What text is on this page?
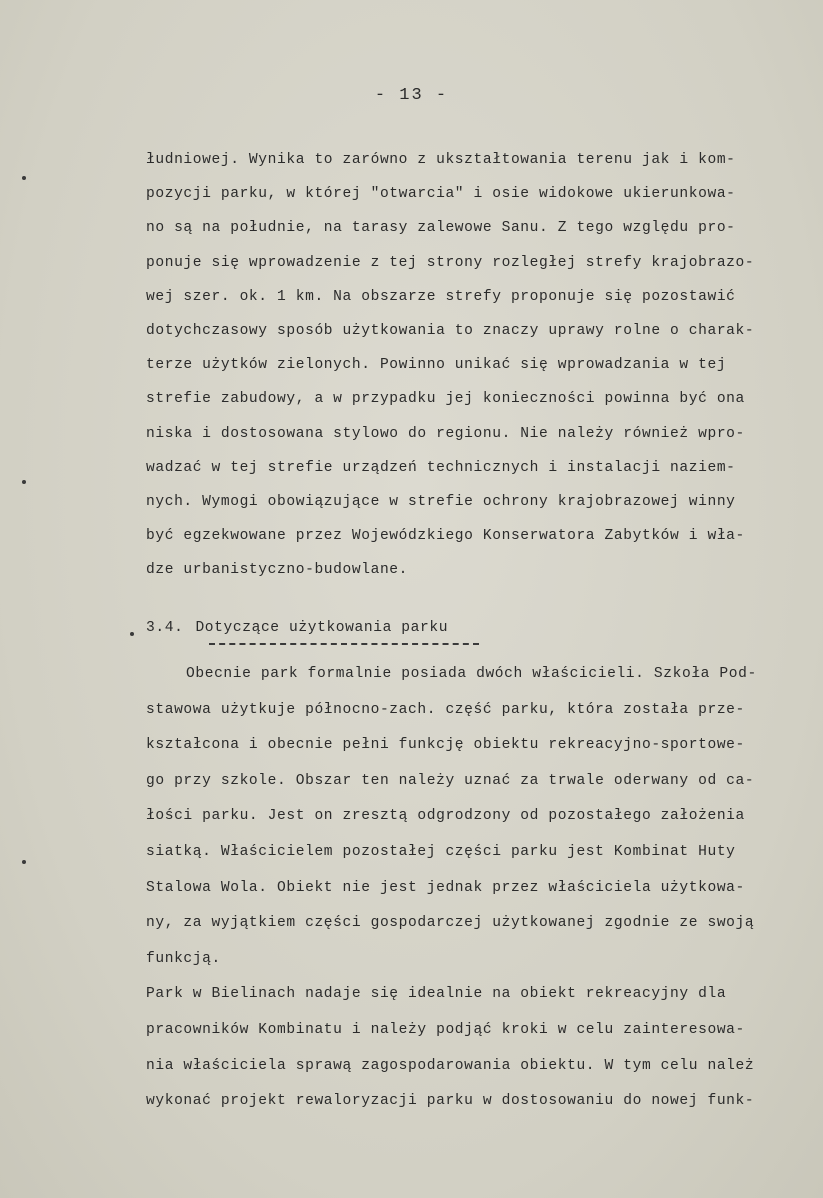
- 13 -
łudniowej. Wynika to zarówno z ukształtowania terenu jak i kom-
pozycji parku, w której "otwarcia" i osie widokowe ukierunkowa-
no są na południe, na tarasy zalewowe Sanu. Z tego względu pro-
ponuje się wprowadzenie z tej strony rozległej strefy krajobrazo-
wej szer. ok. 1 km. Na obszarze strefy proponuje się pozostawić
dotychczasowy sposób użytkowania to znaczy uprawy rolne o charak-
terze użytków zielonych. Powinno unikać się wprowadzania w tej
strefie zabudowy, a w przypadku jej konieczności powinna być ona
niska i dostosowana stylowo do regionu. Nie należy również wpro-
wadzać w tej strefie urządzeń technicznych i instalacji naziem-
nych. Wymogi obowiązujące w strefie ochrony krajobrazowej winny
być egzekwowane przez Wojewódzkiego Konserwatora Zabytków i wła-
dze urbanistyczno-budowlane.
3.4. Dotyczące użytkowania parku
Obecnie park formalnie posiada dwóch właścicieli. Szkoła Pod-
stawowa użytkuje północno-zach. część parku, która została prze-
kształcona i obecnie pełni funkcję obiektu rekreacyjno-sportowe-
go przy szkole. Obszar ten należy uznać za trwale oderwany od ca-
łości parku. Jest on zresztą odgrodzony od pozostałego założenia
siatką. Właścicielem pozostałej części parku jest Kombinat Huty
Stalowa Wola. Obiekt nie jest jednak przez właściciela użytkowa-
ny, za wyjątkiem części gospodarczej użytkowanej zgodnie ze swoją
funkcją.
Park w Bielinach nadaje się idealnie na obiekt rekreacyjny dla
pracowników Kombinatu i należy podjąć kroki w celu zainteresowa-
nia właściciela sprawą zagospodarowania obiektu. W tym celu należ
wykonać projekt rewaloryzacji parku w dostosowaniu do nowej funk-
